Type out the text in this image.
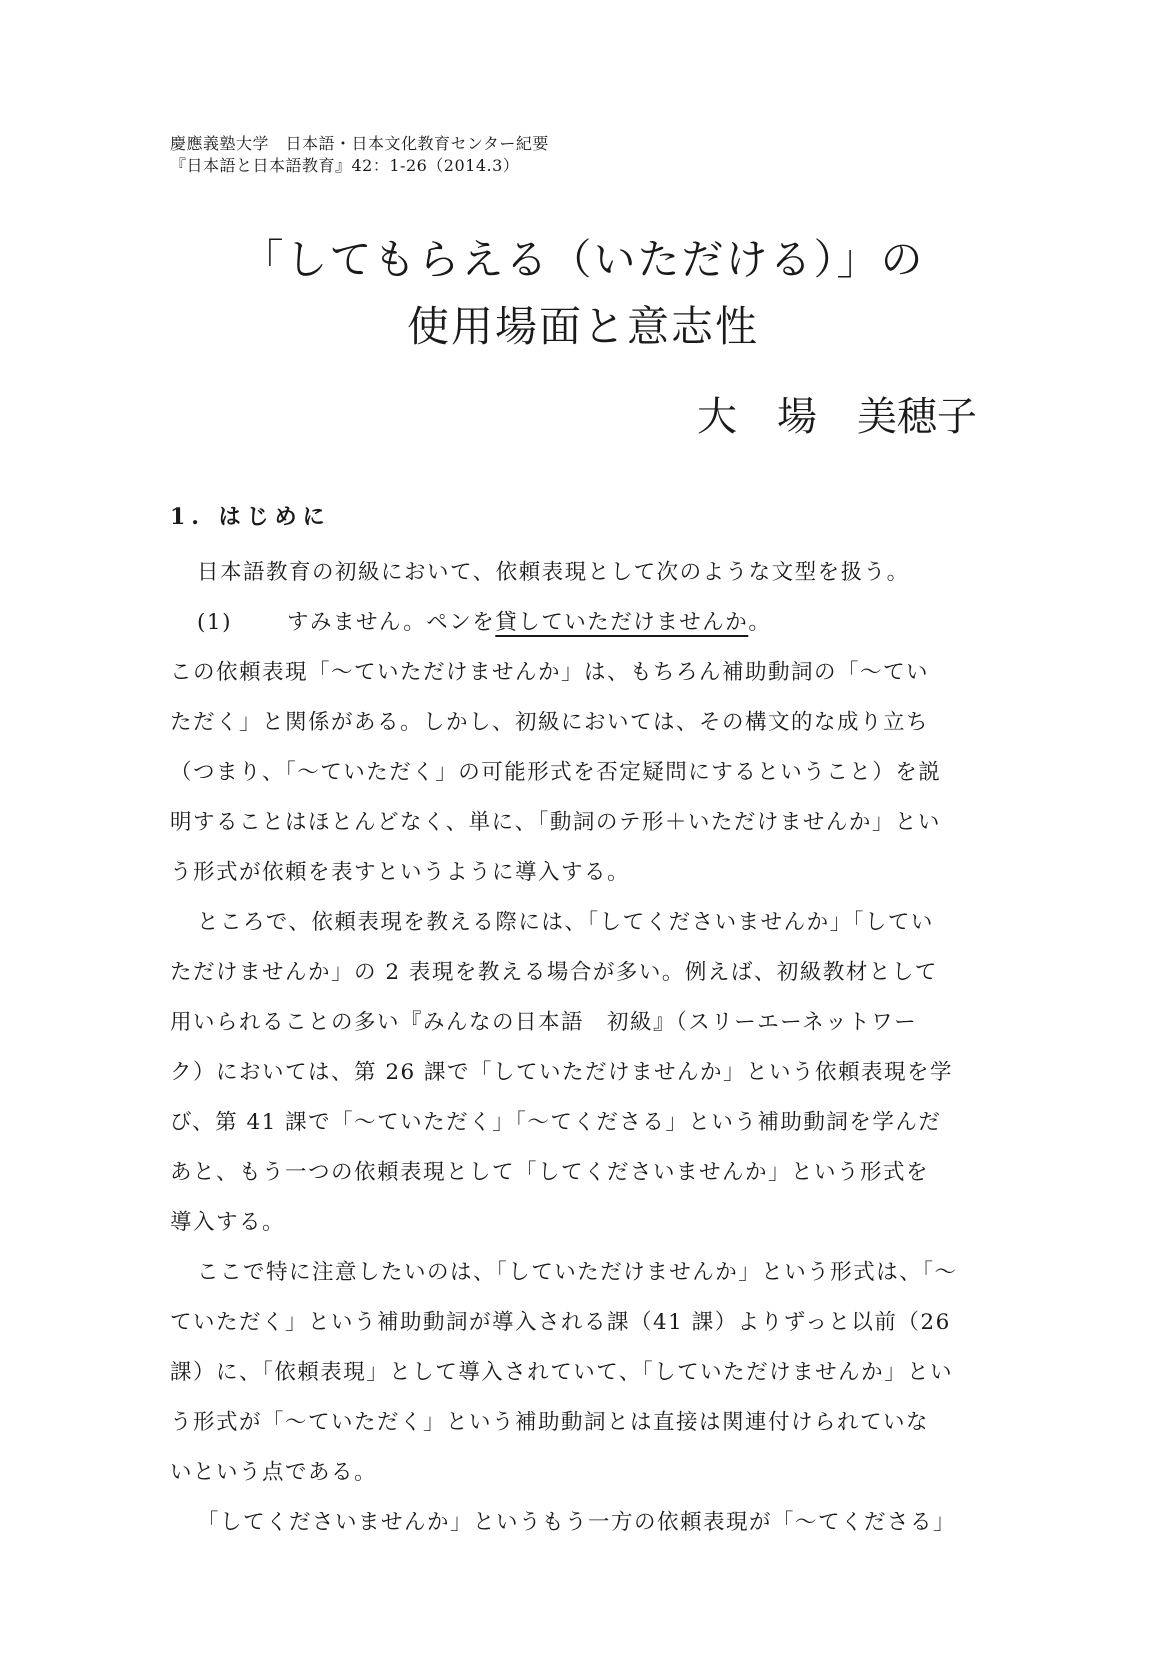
慶應義塾大学　日本語・日本文化教育センター紀要
『日本語と日本語教育』42：1-26（2014.3）
「してもらえる（いただける）」の
使用場面と意志性
大　場　美穂子
1. はじめに
日本語教育の初級において、依頼表現として次のような文型を扱う。
(1)	すみません。ペンを貸していただけませんか。
この依頼表現「～ていただけませんか」は、もちろん補助動詞の「～てい
ただく」と関係がある。しかし、初級においては、その構文的な成り立ち
（つまり、「～ていただく」の可能形式を否定疑問にするということ）を説
明することはほとんどなく、単に、「動詞のテ形＋いただけませんか」とい
う形式が依頼を表すというように導入する。
ところで、依頼表現を教える際には、「してくださいませんか」「してい
ただけませんか」の 2 表現を教える場合が多い。例えば、初級教材として
用いられることの多い『みんなの日本語　初級』（スリーエーネットワー
ク）においては、第 26 課で「していただけませんか」という依頼表現を学
び、第 41 課で「～ていただく」「～てくださる」という補助動詞を学んだ
あと、もう一つの依頼表現として「してくださいませんか」という形式を
導入する。
ここで特に注意したいのは、「していただけませんか」という形式は、「～
ていただく」という補助動詞が導入される課（41 課）よりずっと以前（26
課）に、「依頼表現」として導入されていて、「していただけませんか」とい
う形式が「～ていただく」という補助動詞とは直接は関連付けられていな
いという点である。
「してくださいませんか」というもう一方の依頼表現が「～てくださる」
